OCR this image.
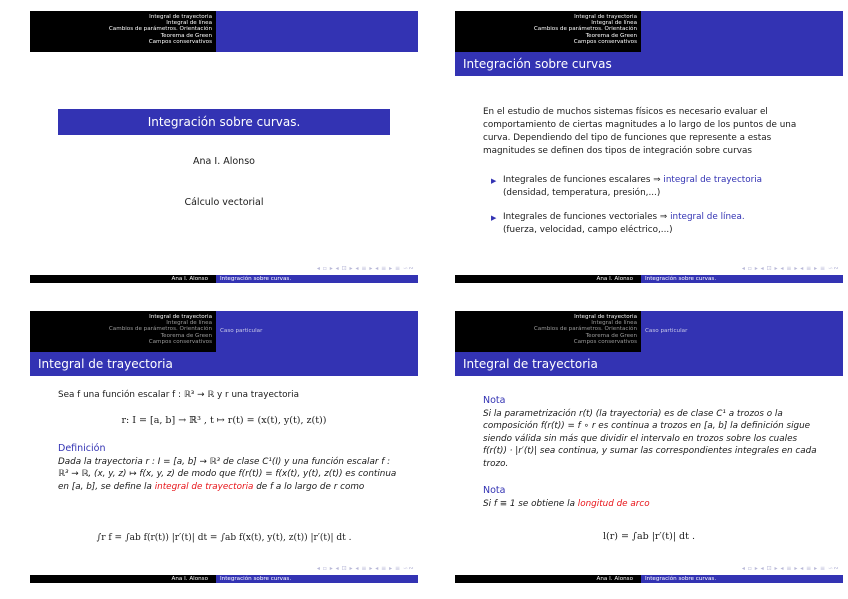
Integral de trayectoria
Integral de línea
Cambios de parámetros. Orientación
Teorema de Green
Campos conservativos
Integración sobre curvas.
Ana I. Alonso
Cálculo vectorial
◂ ▫ ▸ ◂ ⊡ ▸ ◂ ≡ ▸ ◂ ≡ ▸ ≡ ∽∾
Ana I. Alonso	Integración sobre curvas.
Integral de trayectoria
Integral de línea
Cambios de parámetros. Orientación
Teorema de Green
Campos conservativos
Integración sobre curvas
En el estudio de muchos sistemas físicos es necesario evaluar el comportamiento de ciertas magnitudes a lo largo de los puntos de una curva. Dependiendo del tipo de funciones que represente a estas magnitudes se definen dos tipos de integración sobre curvas
▶ Integrales de funciones escalares ⇒ integral de trayectoria
(densidad, temperatura, presión,...)
▶ Integrales de funciones vectoriales ⇒ integral de línea.
(fuerza, velocidad, campo eléctrico,...)
◂ ▫ ▸ ◂ ⊡ ▸ ◂ ≡ ▸ ◂ ≡ ▸ ≡ ∽∾
Ana I. Alonso	Integración sobre curvas.
Integral de trayectoria
Integral de línea
Cambios de parámetros. Orientación
Teorema de Green
Campos conservativos
Caso particular
Integral de trayectoria
Sea f una función escalar f : ℝ³ → ℝ y r una trayectoria
r: I = [a, b] → ℝ³ , t ↦ r(t) = (x(t), y(t), z(t))
Definición
Dada la trayectoria r : I = [a, b] → ℝ³ de clase C¹(I) y una función escalar f : ℝ³ → ℝ, (x, y, z) ↦ f(x, y, z) de modo que f(r(t)) = f(x(t), y(t), z(t)) es continua en [a, b], se define la integral de trayectoria de f a lo largo de r como
∫r f = ∫ab f(r(t)) |r′(t)| dt = ∫ab f(x(t), y(t), z(t)) |r′(t)| dt .
◂ ▫ ▸ ◂ ⊡ ▸ ◂ ≡ ▸ ◂ ≡ ▸ ≡ ∽∾
Ana I. Alonso	Integración sobre curvas.
Integral de trayectoria
Integral de línea
Cambios de parámetros. Orientación
Teorema de Green
Campos conservativos
Caso particular
Integral de trayectoria
Nota
Si la parametrización r(t) (la trayectoria) es de clase C¹ a trozos o la composición f(r(t)) = f ∘ r es continua a trozos en [a, b] la definición sigue siendo válida sin más que dividir el intervalo en trozos sobre los cuales f(r(t)) · |r′(t)| sea continua, y sumar las correspondientes integrales en cada trozo.
Nota
Si f ≡ 1 se obtiene la longitud de arco
l(r) = ∫ab |r′(t)| dt .
◂ ▫ ▸ ◂ ⊡ ▸ ◂ ≡ ▸ ◂ ≡ ▸ ≡ ∽∾
Ana I. Alonso	Integración sobre curvas.
